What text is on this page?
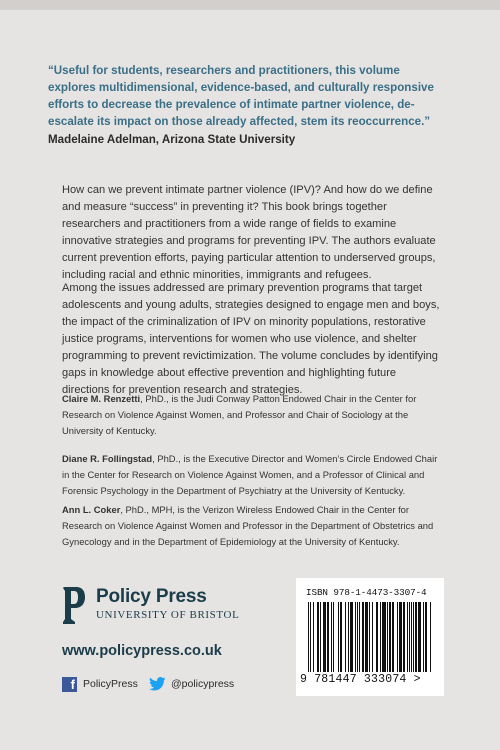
“Useful for students, researchers and practitioners, this volume explores multidimensional, evidence-based, and culturally responsive efforts to decrease the prevalence of intimate partner violence, de-escalate its impact on those already affected, stem its reoccurrence.”

Madelaine Adelman, Arizona State University

How can we prevent intimate partner violence (IPV)? And how do we define and measure “success” in preventing it? This book brings together researchers and practitioners from a wide range of fields to examine innovative strategies and programs for preventing IPV. The authors evaluate current prevention efforts, paying particular attention to underserved groups, including racial and ethnic minorities, immigrants and refugees.

Among the issues addressed are primary prevention programs that target adolescents and young adults, strategies designed to engage men and boys, the impact of the criminalization of IPV on minority populations, restorative justice programs, interventions for women who use violence, and shelter programming to prevent revictimization. The volume concludes by identifying gaps in knowledge about effective prevention and highlighting future directions for prevention research and strategies.

Claire M. Renzetti, PhD., is the Judi Conway Patton Endowed Chair in the Center for Research on Violence Against Women, and Professor and Chair of Sociology at the University of Kentucky.

Diane R. Follingstad, PhD., is the Executive Director and Women’s Circle Endowed Chair in the Center for Research on Violence Against Women, and a Professor of Clinical and Forensic Psychology in the Department of Psychiatry at the University of Kentucky.

Ann L. Coker, PhD., MPH, is the Verizon Wireless Endowed Chair in the Center for Research on Violence Against Women and Professor in the Department of Obstetrics and Gynecology and in the Department of Epidemiology at the University of Kentucky.

Policy Press
UNIVERSITY OF BRISTOL

www.policypress.co.uk

f PolicyPress	@policypress
ISBN 978-1-4473-3307-4
9 781447 333074 >
